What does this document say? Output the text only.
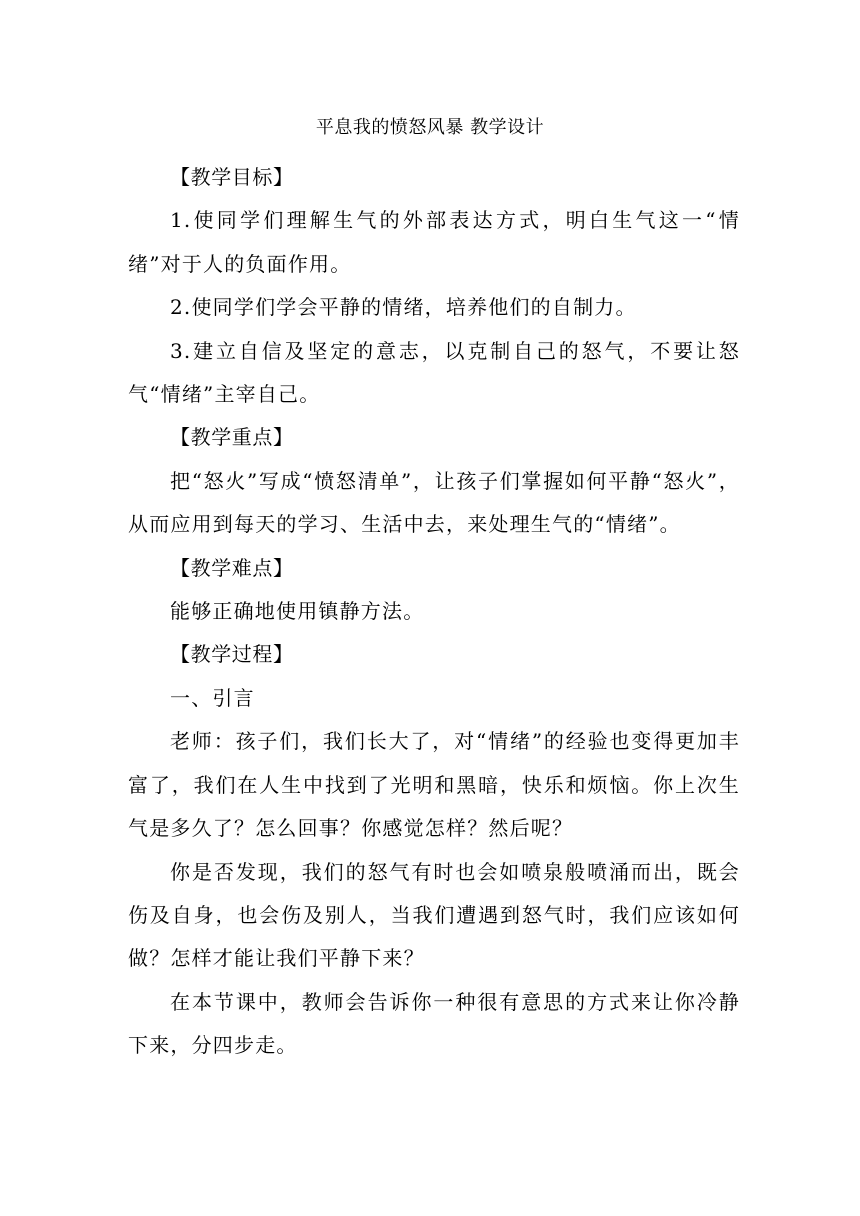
平息我的愤怒风暴 教学设计

【教学目标】

1.使同学们理解生气的外部表达方式，明白生气这一“情绪”对于人的负面作用。

2.使同学们学会平静的情绪，培养他们的自制力。

3.建立自信及坚定的意志，以克制自己的怒气，不要让怒气“情绪”主宰自己。

【教学重点】

把“怒火”写成“愤怒清单”，让孩子们掌握如何平静“怒火”，从而应用到每天的学习、生活中去，来处理生气的“情绪”。

【教学难点】

能够正确地使用镇静方法。

【教学过程】

一、引言

老师：孩子们，我们长大了，对“情绪”的经验也变得更加丰富了，我们在人生中找到了光明和黑暗，快乐和烦恼。你上次生气是多久了？怎么回事？你感觉怎样？然后呢？

你是否发现，我们的怒气有时也会如喷泉般喷涌而出，既会伤及自身，也会伤及别人，当我们遭遇到怒气时，我们应该如何做？怎样才能让我们平静下来？

在本节课中，教师会告诉你一种很有意思的方式来让你冷静下来，分四步走。
